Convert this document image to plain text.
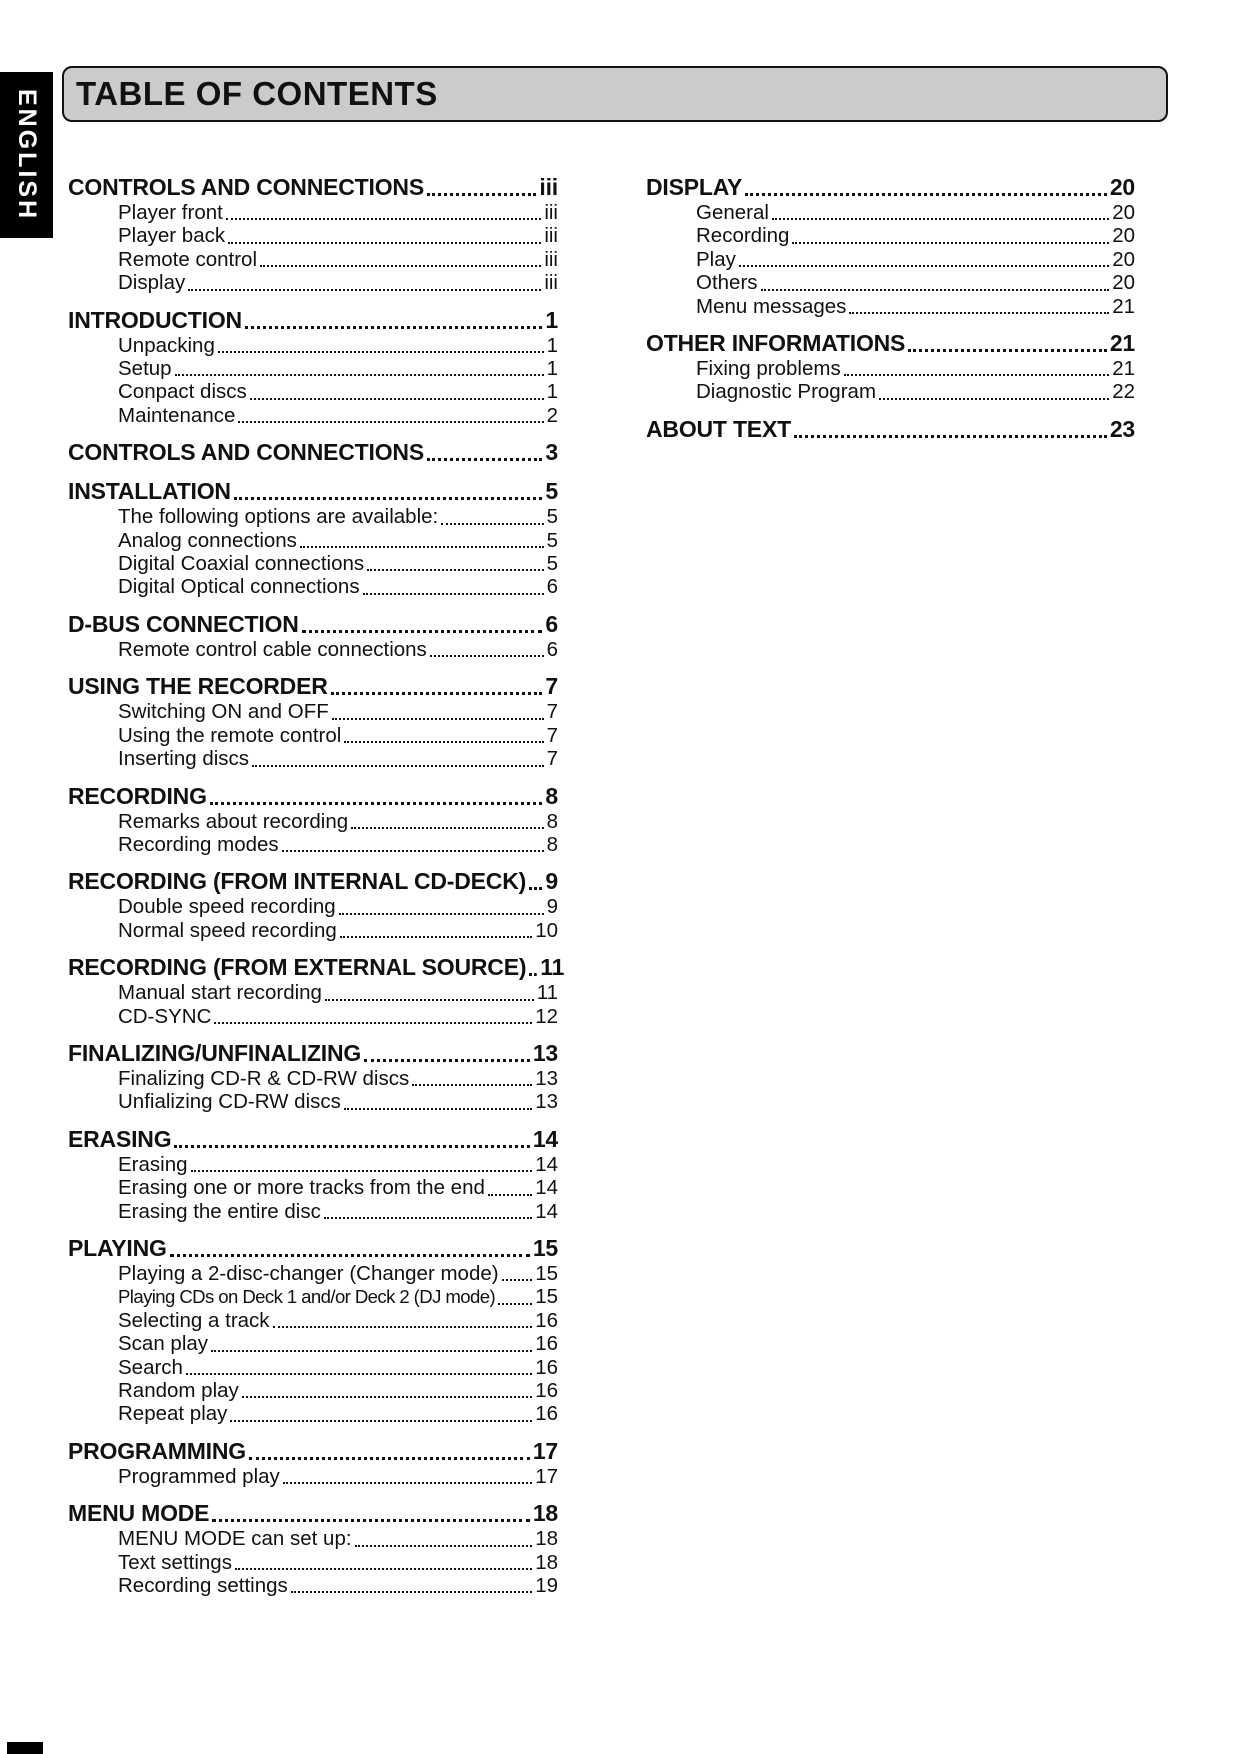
ENGLISH TABLE OF CONTENTS
CONTROLS AND CONNECTIONS	iii
Player front	iii
Player back	iii
Remote control	iii
Display	iii
INTRODUCTION	1
Unpacking	1
Setup	1
Conpact discs	1
Maintenance	2
CONTROLS AND CONNECTIONS	3
INSTALLATION	5
The following options are available:	5
Analog connections	5
Digital Coaxial connections	5
Digital Optical connections	6
D-BUS CONNECTION	6
Remote control cable connections	6
USING THE RECORDER	7
Switching ON and OFF	7
Using the remote control	7
Inserting discs	7
RECORDING	8
Remarks about recording	8
Recording modes	8
RECORDING (FROM INTERNAL CD-DECK) 9
Double speed recording	9
Normal speed recording	10
RECORDING (FROM EXTERNAL SOURCE) 11
Manual start recording	11
CD-SYNC	12
FINALIZING/UNFINALIZING	13
Finalizing CD-R & CD-RW discs	13
Unfializing CD-RW discs	13
ERASING	14
Erasing	14
Erasing one or more tracks from the end 14
Erasing the entire disc	14
PLAYING	15
Playing a 2-disc-changer (Changer mode) 15
Playing CDs on Deck 1 and/or Deck 2 (DJ mode) 15
Selecting a track	16
Scan play	16
Search	16
Random play	16
Repeat play	16
PROGRAMMING	17
Programmed play	17
MENU MODE	18
MENU MODE can set up:	18
Text settings	18
Recording settings	19
DISPLAY	20
General	20
Recording	20
Play	20
Others	20
Menu messages	21
OTHER INFORMATIONS	21
Fixing problems	21
Diagnostic Program	22
ABOUT TEXT	23
